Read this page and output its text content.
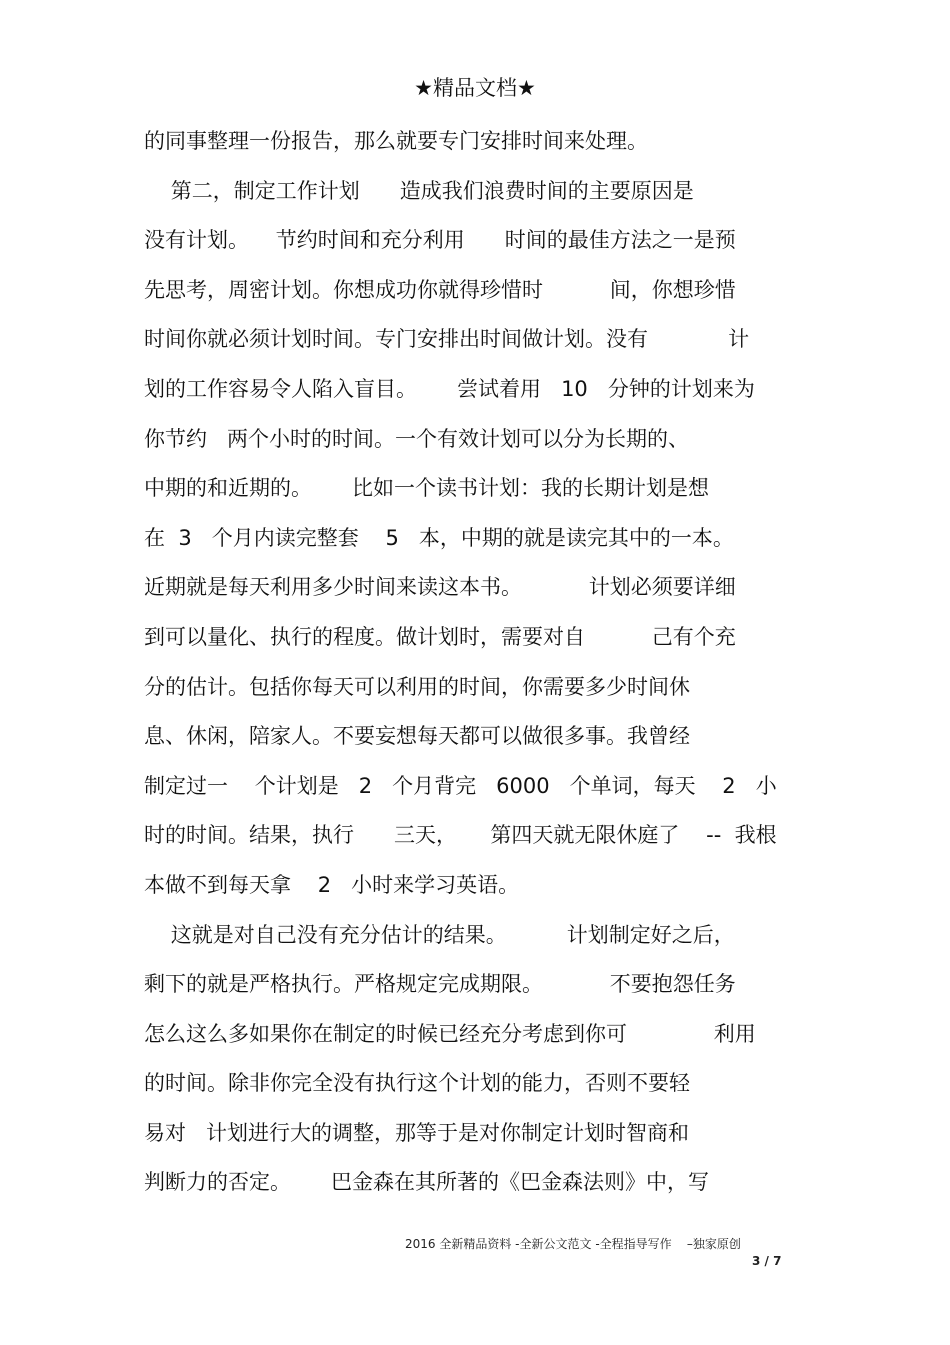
★精品文档★
的同事整理一份报告，那么就要专门安排时间来处理。
第二，制定工作计划      造成我们浪费时间的主要原因是
没有计划。    节约时间和充分利用      时间的最佳方法之一是预
先思考，周密计划。你想成功你就得珍惜时          间，你想珍惜
时间你就必须计划时间。专门安排出时间做计划。没有            计
划的工作容易令人陷入盲目。      尝试着用   10   分钟的计划来为
你节约   两个小时的时间。一个有效计划可以分为长期的、
中期的和近期的。      比如一个读书计划：我的长期计划是想
在  3   个月内读完整套    5   本，中期的就是读完其中的一本。
近期就是每天利用多少时间来读这本书。          计划必须要详细
到可以量化、执行的程度。做计划时，需要对自          己有个充
分的估计。包括你每天可以利用的时间，你需要多少时间休
息、休闲，陪家人。不要妄想每天都可以做很多事。我曾经
制定过一    个计划是   2   个月背完   6000   个单词，每天    2   小
时的时间。结果，执行      三天，     第四天就无限休庭了    --  我根
本做不到每天拿    2   小时来学习英语。
这就是对自己没有充分估计的结果。         计划制定好之后，
剩下的就是严格执行。严格规定完成期限。          不要抱怨任务
怎么这么多如果你在制定的时候已经充分考虑到你可             利用
的时间。除非你完全没有执行这个计划的能力，否则不要轻
易对   计划进行大的调整，那等于是对你制定计划时智商和
判断力的否定。      巴金森在其所著的《巴金森法则》中，写
2016 全新精品资料 -全新公文范文 -全程指导写作    –独家原创
3 / 7
